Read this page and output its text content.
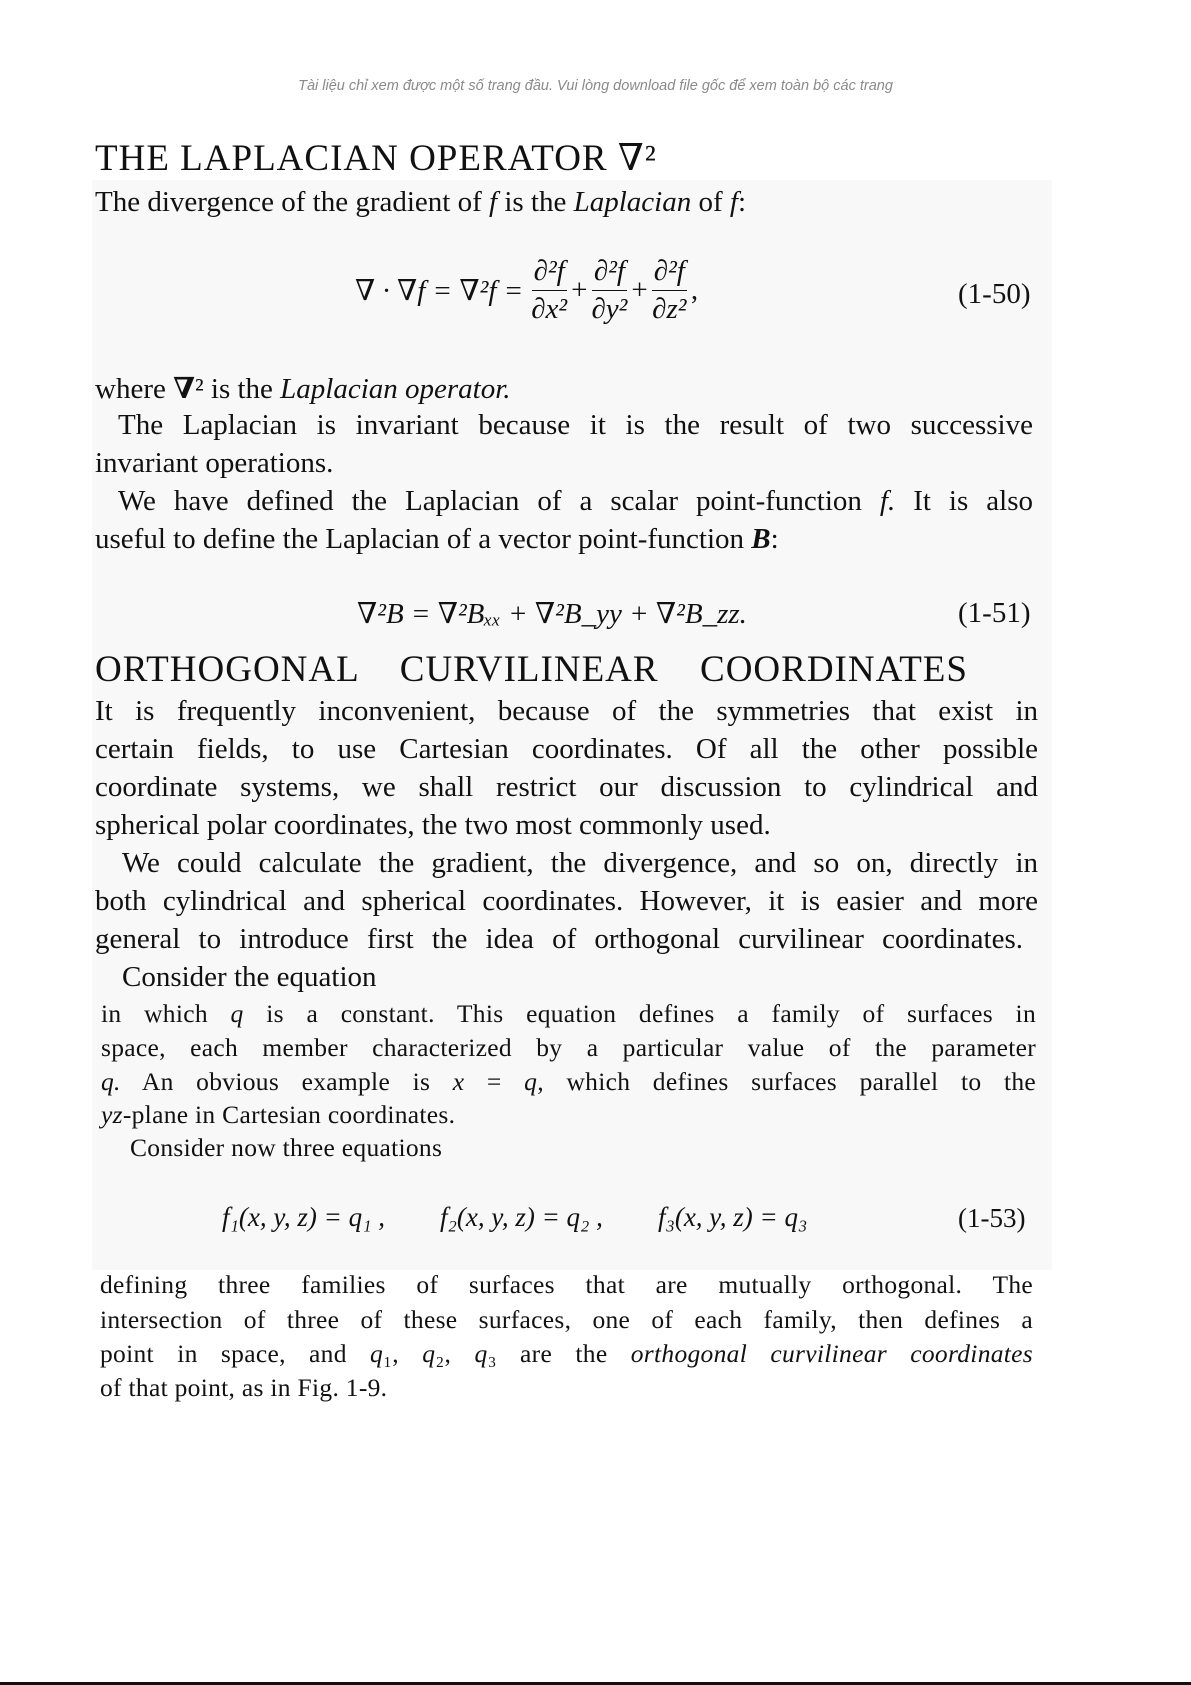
Tài liệu chỉ xem được một số trang đầu. Vui lòng download file gốc để xem toàn bộ các trang
THE LAPLACIAN OPERATOR ∇²
The divergence of the gradient of f is the Laplacian of f:
∇ · $\nabla f = \nabla^2f = \frac{\text{∂²f}}{\text{∂x²}} + \frac{\text{∂²f}}{\text{∂y²}} + \frac{\text{∂²f}}{\text{∂z²}}$ ,	(1-50)
where ∇² is the Laplacian operator.
The Laplacian is invariant because it is the result of two successive
invariant operations.
We have defined the Laplacian of a scalar point-function f. It is also
useful to define the Laplacian of a vector point-function B:
∇²B = ∇²Bₓₓ + ∇²B_yy + ∇²B_zz.	(1-51)
ORTHOGONAL CURVILINEAR COORDINATES
It is frequently inconvenient, because of the symmetries that exist in
certain fields, to use Cartesian coordinates. Of all the other possible
coordinate systems, we shall restrict our discussion to cylindrical and
spherical polar coordinates, the two most commonly used.
We could calculate the gradient, the divergence, and so on, directly in
both cylindrical and spherical coordinates. However, it is easier and more
general to introduce first the idea of orthogonal curvilinear coordinates.
Consider the equation
in which q is a constant. This equation defines a family of surfaces in
space, each member characterized by a particular value of the parameter
q. An obvious example is x = q, which defines surfaces parallel to the
yz-plane in Cartesian coordinates.
Consider now three equations
f₁(x, y, z) = q₁ , f₂(x, y, z) = q₂ , f₃(x, y, z) = q₃	(1-53)
defining three families of surfaces that are mutually orthogonal. The
intersection of three of these surfaces, one of each family, then defines a
point in space, and q₁, q₂, q₃ are the orthogonal curvilinear coordinates
of that point, as in Fig. 1-9.
